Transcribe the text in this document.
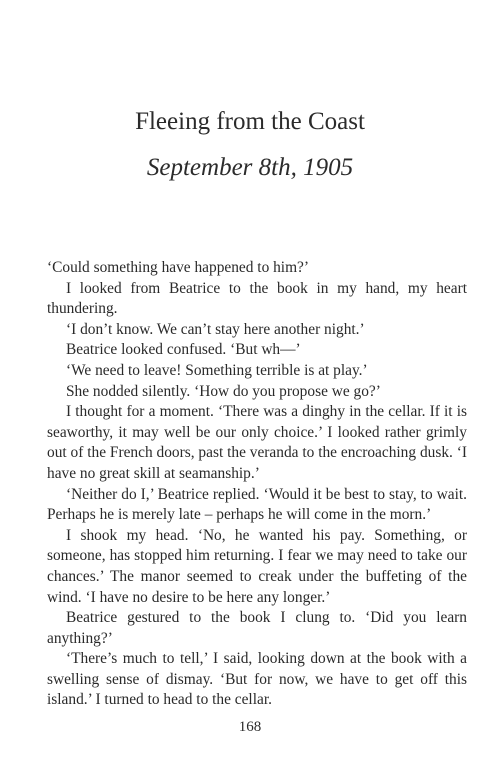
Fleeing from the Coast
September 8th, 1905

‘Could something have happened to him?’

I looked from Beatrice to the book in my hand, my heart thundering.

‘I don’t know. We can’t stay here another night.’

Beatrice looked confused. ‘But wh—’

‘We need to leave! Something terrible is at play.’

She nodded silently. ‘How do you propose we go?’

I thought for a moment. ‘There was a dinghy in the cellar. If it is seaworthy, it may well be our only choice.’ I looked rather grimly out of the French doors, past the veranda to the encroaching dusk. ‘I have no great skill at seamanship.’

‘Neither do I,’ Beatrice replied. ‘Would it be best to stay, to wait. Perhaps he is merely late – perhaps he will come in the morn.’

I shook my head. ‘No, he wanted his pay. Something, or someone, has stopped him returning. I fear we may need to take our chances.’ The manor seemed to creak under the buffeting of the wind. ‘I have no desire to be here any longer.’

Beatrice gestured to the book I clung to. ‘Did you learn anything?’

‘There’s much to tell,’ I said, looking down at the book with a swelling sense of dismay. ‘But for now, we have to get off this island.’ I turned to head to the cellar.

168
